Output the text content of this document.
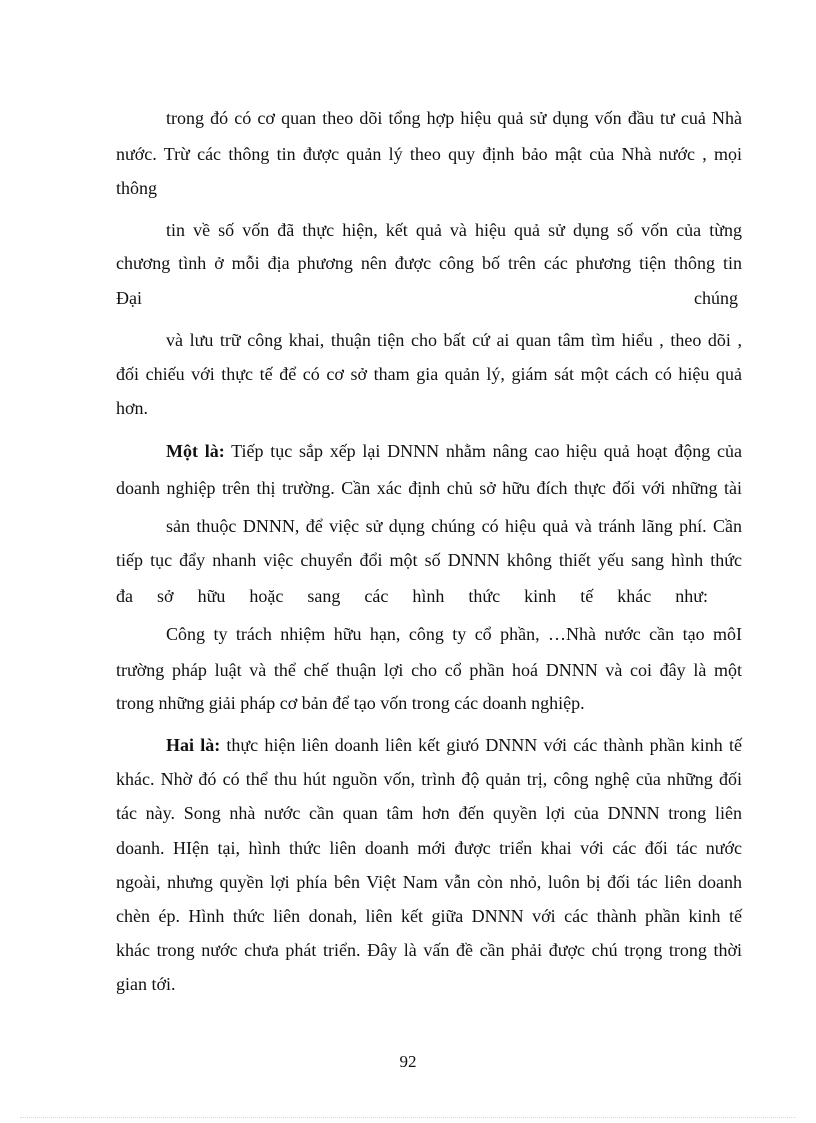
trong đó có cơ quan theo dõi tổng hợp hiệu quả sử dụng vốn đầu tư cuả Nhà
nước. Trừ các thông tin được quản lý theo quy định bảo mật của Nhà nước , mọi
thông
tin về số vốn đã thực hiện, kết quả và hiệu quả sử dụng số vốn của từng
chương tình ở mỗi địa phương nên được công bố trên các phương tiện thông tin
Đại	chúng
và lưu trữ công khai, thuận tiện cho bất cứ ai quan tâm tìm hiểu , theo dõi ,
đối chiếu với thực tế để có cơ sở tham gia quản lý, giám sát một cách có hiệu quả
hơn.
Một là: Tiếp tục sắp xếp lại DNNN nhằm nâng cao hiệu quả hoạt động của
doanh nghiệp trên thị trường. Cần xác định chủ sở hữu đích thực đối với những tài
sản thuộc DNNN, để việc sử dụng chúng có hiệu quả và tránh lãng phí. Cần
tiếp tục đẩy nhanh việc chuyển đổi một số DNNN không thiết yếu sang hình thức
đa sở hữu hoặc sang các hình thức kinh tế khác như:
Công ty trách nhiệm hữu hạn, công ty cổ phần, …Nhà nước cần tạo môI
trường pháp luật và thể chế thuận lợi cho cổ phần hoá DNNN và coi đây là một
trong những giải pháp cơ bản để tạo vốn trong các doanh nghiệp.
Hai là: thực hiện liên doanh liên kết giưó DNNN với các thành phần kinh tế
khác. Nhờ đó có thể thu hút nguồn vốn, trình độ quản trị, công nghệ của những đối
tác này. Song nhà nước cần quan tâm hơn đến quyền lợi của DNNN trong liên
doanh. HIện tại, hình thức liên doanh mới được triển khai với các đối tác nước
ngoài, nhưng quyền lợi phía bên Việt Nam vẫn còn nhỏ, luôn bị đối tác liên doanh
chèn ép. Hình thức liên donah, liên kết giữa DNNN với các thành phần kinh tế
khác trong nước chưa phát triển. Đây là vấn đề cần phải được chú trọng trong thời
gian tới.
92
